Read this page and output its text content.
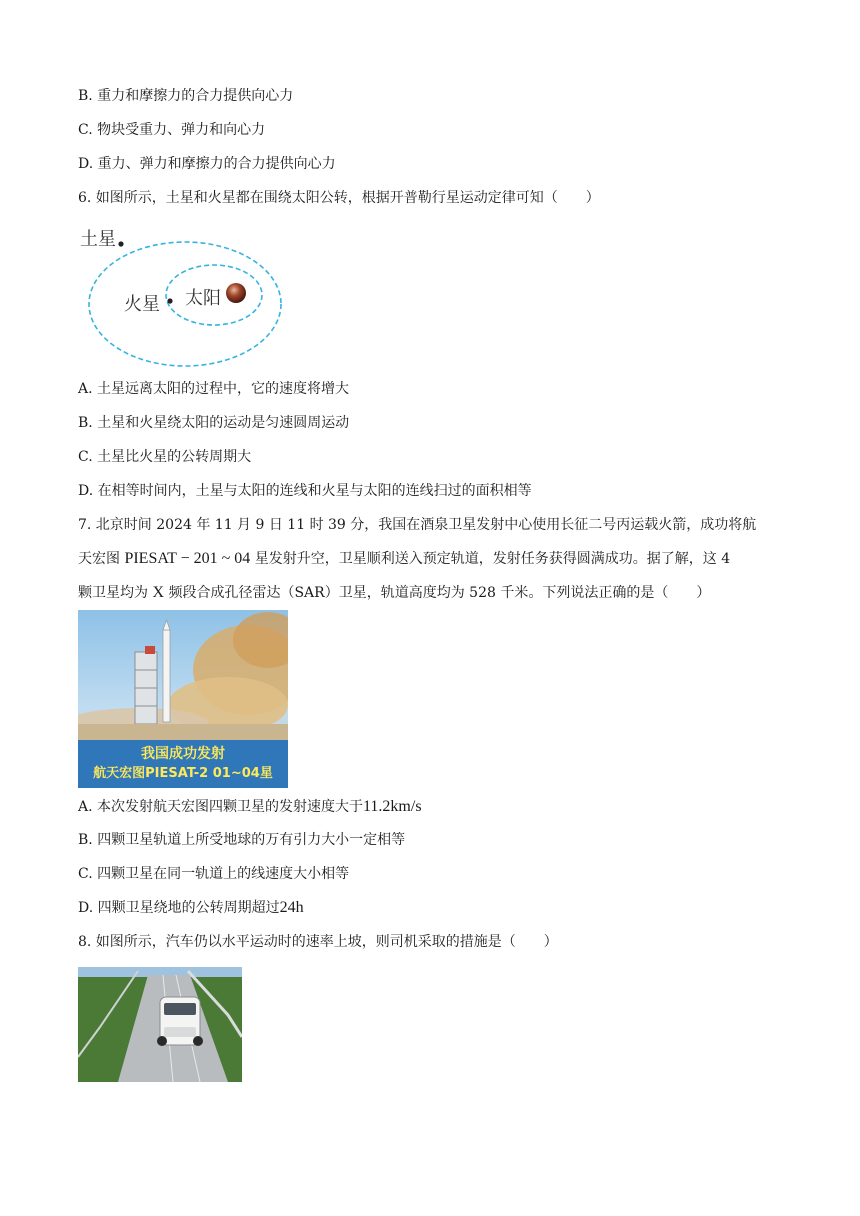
B. 重力和摩擦力的合力提供向心力
C. 物块受重力、弹力和向心力
D. 重力、弹力和摩擦力的合力提供向心力
6. 如图所示，土星和火星都在围绕太阳公转，根据开普勒行星运动定律可知（　　）
土星
火星 太阳
A. 土星远离太阳的过程中，它的速度将增大
B. 土星和火星绕太阳的运动是匀速圆周运动
C. 土星比火星的公转周期大
D. 在相等时间内，土星与太阳的连线和火星与太阳的连线扫过的面积相等
7. 北京时间 2024 年 11 月 9 日 11 时 39 分，我国在酒泉卫星发射中心使用长征二号丙运载火箭，成功将航
天宏图 PIESAT − 201 ~ 04 星发射升空，卫星顺利送入预定轨道，发射任务获得圆满成功。据了解，这 4
颗卫星均为 X 频段合成孔径雷达（SAR）卫星，轨道高度均为 528 千米。下列说法正确的是（　　）
我国成功发射
航天宏图PIESAT-2 01~04星
A. 本次发射航天宏图四颗卫星的发射速度大于11.2km/s
B. 四颗卫星轨道上所受地球的万有引力大小一定相等
C. 四颗卫星在同一轨道上的线速度大小相等
D. 四颗卫星绕地的公转周期超过24h
8. 如图所示，汽车仍以水平运动时的速率上坡，则司机采取的措施是（　　）
